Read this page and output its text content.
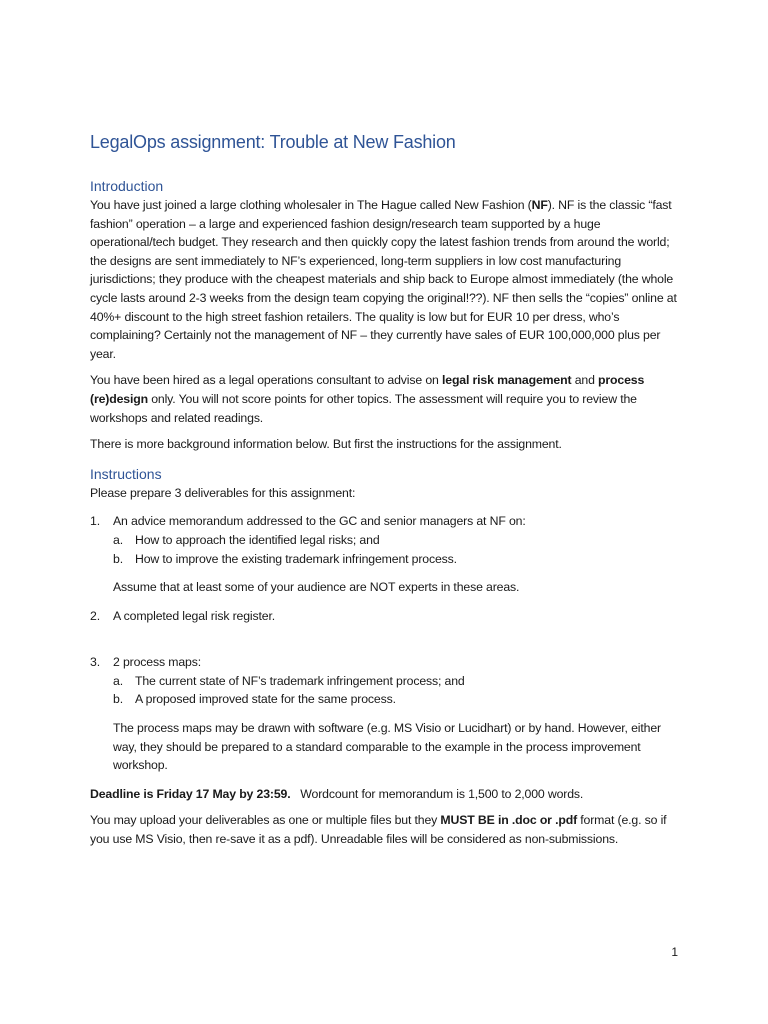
LegalOps assignment: Trouble at New Fashion
Introduction

You have just joined a large clothing wholesaler in The Hague called New Fashion (NF). NF is the classic “fast fashion” operation – a large and experienced fashion design/research team supported by a huge operational/tech budget. They research and then quickly copy the latest fashion trends from around the world; the designs are sent immediately to NF’s experienced, long-term suppliers in low cost manufacturing jurisdictions; they produce with the cheapest materials and ship back to Europe almost immediately (the whole cycle lasts around 2-3 weeks from the design team copying the original!??). NF then sells the “copies” online at 40%+ discount to the high street fashion retailers. The quality is low but for EUR 10 per dress, who’s complaining? Certainly not the management of NF – they currently have sales of EUR 100,000,000 plus per year.

You have been hired as a legal operations consultant to advise on legal risk management and process (re)design only. You will not score points for other topics. The assessment will require you to review the workshops and related readings.

There is more background information below. But first the instructions for the assignment.

Instructions

Please prepare 3 deliverables for this assignment:

1. An advice memorandum addressed to the GC and senior managers at NF on:
a. How to approach the identified legal risks; and
b. How to improve the existing trademark infringement process.

Assume that at least some of your audience are NOT experts in these areas.

2. A completed legal risk register.
3. 2 process maps:
a. The current state of NF’s trademark infringement process; and
b. A proposed improved state for the same process.

The process maps may be drawn with software (e.g. MS Visio or Lucidhart) or by hand. However, either way, they should be prepared to a standard comparable to the example in the process improvement workshop.

Deadline is Friday 17 May by 23:59.   Wordcount for memorandum is 1,500 to 2,000 words.

You may upload your deliverables as one or multiple files but they MUST BE in .doc or .pdf format (e.g. so if you use MS Visio, then re-save it as a pdf). Unreadable files will be considered as non-submissions.

1
